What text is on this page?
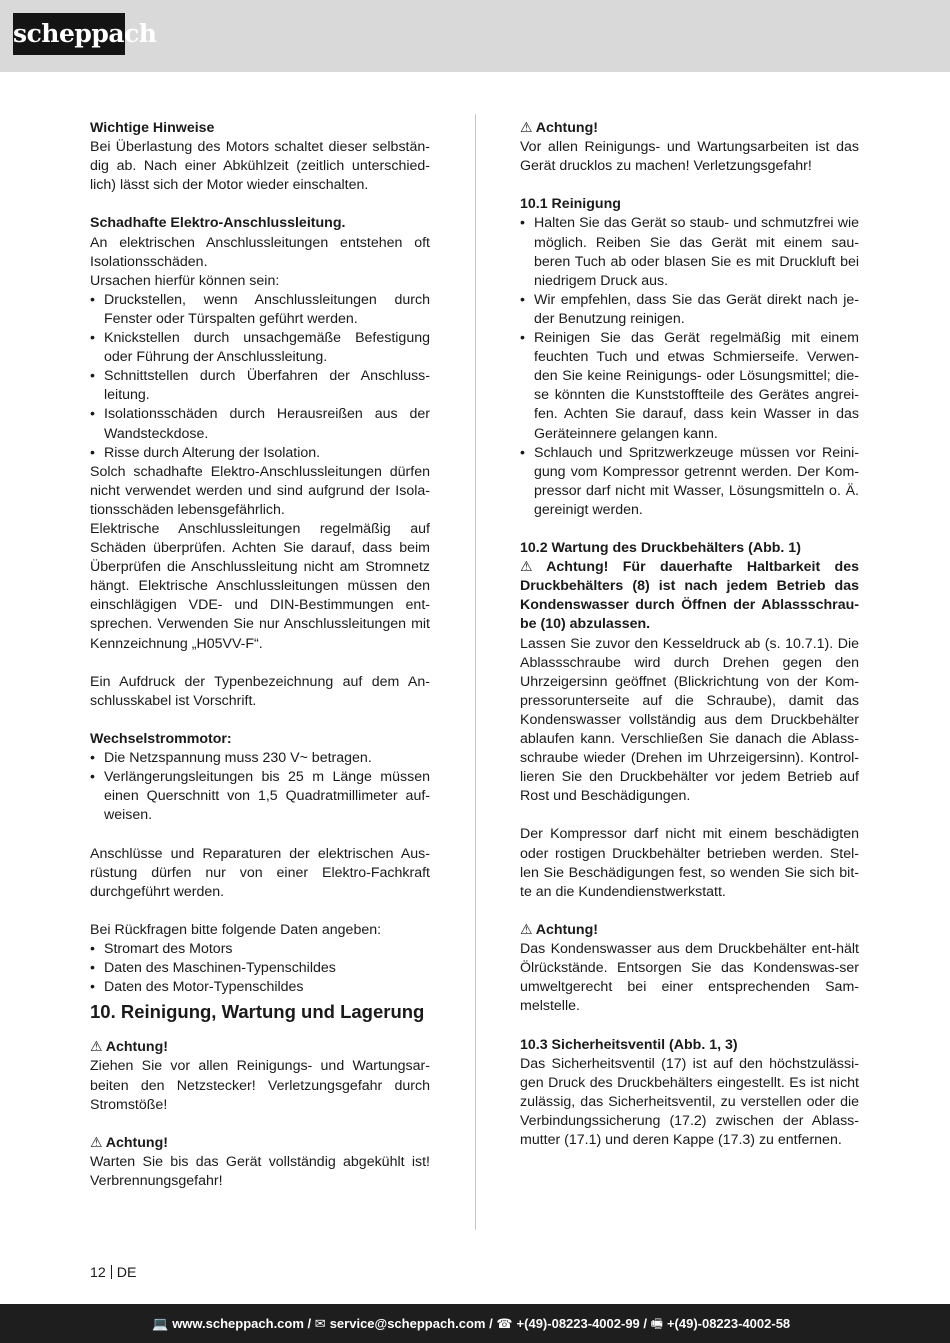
scheppach

Wichtige Hinweise

Bei Überlastung des Motors schaltet dieser selbstän-dig ab. Nach einer Abkühlzeit (zeitlich unterschied-lich) lässt sich der Motor wieder einschalten.

Schadhafte Elektro-Anschlussleitung.

An elektrischen Anschlussleitungen entstehen oft Isolationsschäden.

Ursachen hierfür können sein:

• Druckstellen, wenn Anschlussleitungen durch Fenster oder Türspalten geführt werden.
• Knickstellen durch unsachgemäße Befestigung oder Führung der Anschlussleitung.
• Schnittstellen durch Überfahren der Anschluss-leitung.
• Isolationsschäden durch Herausreißen aus der Wandsteckdose.
• Risse durch Alterung der Isolation.

Solch schadhafte Elektro-Anschlussleitungen dürfen nicht verwendet werden und sind aufgrund der Isola-tionsschäden lebensgefährlich.

Elektrische Anschlussleitungen regelmäßig auf Schäden überprüfen. Achten Sie darauf, dass beim Überprüfen die Anschlussleitung nicht am Stromnetz hängt. Elektrische Anschlussleitungen müssen den einschlägigen VDE- und DIN-Bestimmungen ent-sprechen. Verwenden Sie nur Anschlussleitungen mit Kennzeichnung „H05VV-F“.

Ein Aufdruck der Typenbezeichnung auf dem An-schlusskabel ist Vorschrift.

Wechselstrommotor:

• Die Netzspannung muss 230 V~ betragen.
• Verlängerungsleitungen bis 25 m Länge müssen einen Querschnitt von 1,5 Quadratmillimeter auf-weisen.

Anschlüsse und Reparaturen der elektrischen Aus-rüstung dürfen nur von einer Elektro-Fachkraft durchgeführt werden.

Bei Rückfragen bitte folgende Daten angeben:

• Stromart des Motors
• Daten des Maschinen-Typenschildes
• Daten des Motor-Typenschildes

10. Reinigung, Wartung und Lagerung

⚠ Achtung!

Ziehen Sie vor allen Reinigungs- und Wartungsar-beiten den Netzstecker! Verletzungsgefahr durch Stromstöße!

⚠ Achtung!

Warten Sie bis das Gerät vollständig abgekühlt ist! Verbrennungsgefahr!

⚠ Achtung!

Vor allen Reinigungs- und Wartungsarbeiten ist das Gerät drucklos zu machen! Verletzungsgefahr!

10.1 Reinigung

• Halten Sie das Gerät so staub- und schmutzfrei wie möglich. Reiben Sie das Gerät mit einem sau-beren Tuch ab oder blasen Sie es mit Druckluft bei niedrigem Druck aus.
• Wir empfehlen, dass Sie das Gerät direkt nach je-der Benutzung reinigen.
• Reinigen Sie das Gerät regelmäßig mit einem feuchten Tuch und etwas Schmierseife. Verwen-den Sie keine Reinigungs- oder Lösungsmittel; die-se könnten die Kunststoffteile des Gerätes angrei-fen. Achten Sie darauf, dass kein Wasser in das Geräteinnere gelangen kann.
• Schlauch und Spritzwerkzeuge müssen vor Reini-gung vom Kompressor getrennt werden. Der Kom-pressor darf nicht mit Wasser, Lösungsmitteln o. Ä. gereinigt werden.

10.2 Wartung des Druckbehälters (Abb. 1)

⚠ Achtung! Für dauerhafte Haltbarkeit des Druckbehälters (8) ist nach jedem Betrieb das Kondenswasser durch Öffnen der Ablassschrau-be (10) abzulassen.

Lassen Sie zuvor den Kesseldruck ab (s. 10.7.1). Die Ablassschraube wird durch Drehen gegen den Uhrzeigersinn geöffnet (Blickrichtung von der Kom-pressorunterseite auf die Schraube), damit das Kondenswasser vollständig aus dem Druckbehälter ablaufen kann. Verschließen Sie danach die Ablass-schraube wieder (Drehen im Uhrzeigersinn). Kontrol-lieren Sie den Druckbehälter vor jedem Betrieb auf Rost und Beschädigungen.

Der Kompressor darf nicht mit einem beschädigten oder rostigen Druckbehälter betrieben werden. Stel-len Sie Beschädigungen fest, so wenden Sie sich bit-te an die Kundendienstwerkstatt.

⚠ Achtung!

Das Kondenswasser aus dem Druckbehälter ent-hält Ölrückstände. Entsorgen Sie das Kondenswas-ser umweltgerecht bei einer entsprechenden Sam-melstelle.

10.3 Sicherheitsventil (Abb. 1, 3)

Das Sicherheitsventil (17) ist auf den höchstzulässi-gen Druck des Druckbehälters eingestellt. Es ist nicht zulässig, das Sicherheitsventil, zu verstellen oder die Verbindungssicherung (17.2) zwischen der Ablass-mutter (17.1) und deren Kappe (17.3) zu entfernen.

12 DE
💻 www.scheppach.com / ✉ service@scheppach.com / ☎ +(49)-08223-4002-99 / 🖷 +(49)-08223-4002-58
